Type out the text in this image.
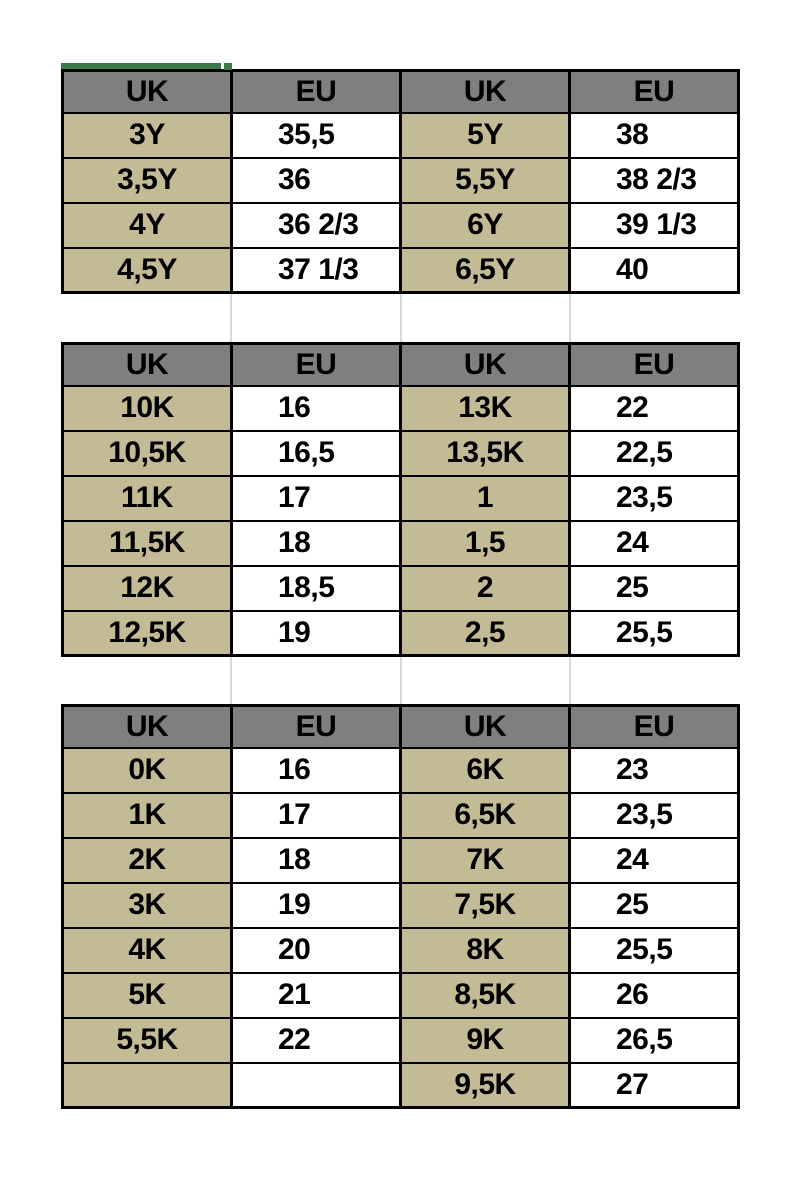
UK	EU	UK	EU
3Y	35,5	5Y	38
3,5Y	36	5,5Y	38 2/3
4Y	36 2/3	6Y	39 1/3
4,5Y	37 1/3	6,5Y	40
UK	EU	UK	EU
10K	16	13K	22
10,5K	16,5	13,5K	22,5
11K	17	1	23,5
11,5K	18	1,5	24
12K	18,5	2	25
12,5K	19	2,5	25,5
UK	EU	UK	EU
0K	16	6K	23
1K	17	6,5K	23,5
2K	18	7K	24
3K	19	7,5K	25
4K	20	8K	25,5
5K	21	8,5K	26
5,5K	22	9K	26,5
		9,5K	27
